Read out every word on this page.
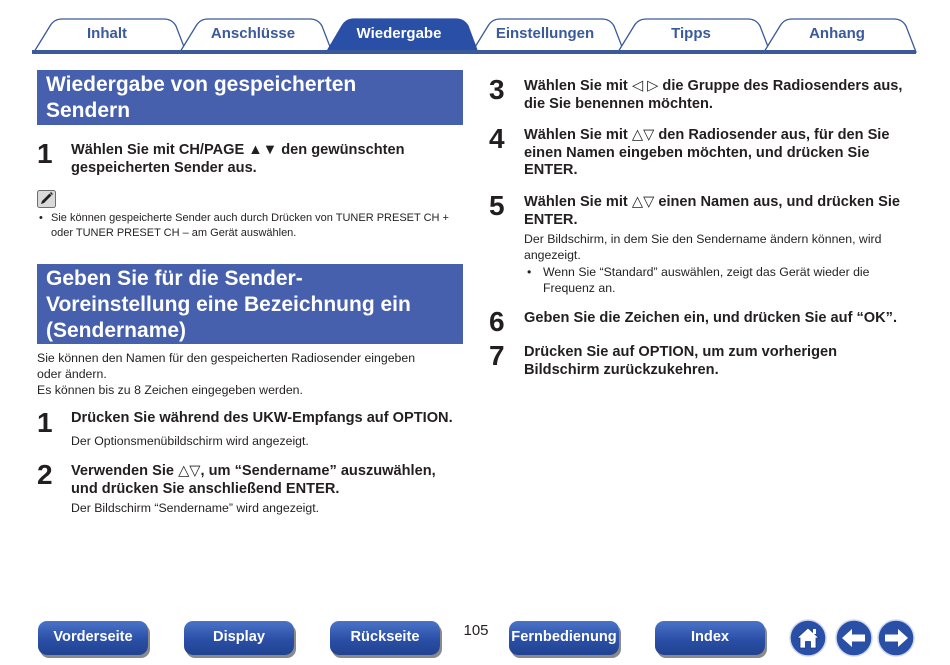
Inhalt	Anschlüsse	Wiedergabe	Einstellungen	Tipps	Anhang
Wiedergabe von gespeicherten
Sendern
1 Wählen Sie mit CH/PAGE ▲▼ den gewünschten
gespeicherten Sender aus.
• Sie können gespeicherte Sender auch durch Drücken von TUNER PRESET CH +
oder TUNER PRESET CH – am Gerät auswählen.
Geben Sie für die Sender-
Voreinstellung eine Bezeichnung ein
(Sendername)
Sie können den Namen für den gespeicherten Radiosender eingeben
oder ändern.
Es können bis zu 8 Zeichen eingegeben werden.
1 Drücken Sie während des UKW-Empfangs auf OPTION.
Der Optionsmenübildschirm wird angezeigt.
2 Verwenden Sie △▽, um “Sendername” auszuwählen,
und drücken Sie anschließend ENTER.
Der Bildschirm “Sendername” wird angezeigt.
3 Wählen Sie mit ◁ ▷ die Gruppe des Radiosenders aus,
die Sie benennen möchten.
4 Wählen Sie mit △▽ den Radiosender aus, für den Sie
einen Namen eingeben möchten, und drücken Sie
ENTER.
5 Wählen Sie mit △▽ einen Namen aus, und drücken Sie
ENTER.
Der Bildschirm, in dem Sie den Sendername ändern können, wird
angezeigt.
• Wenn Sie “Standard” auswählen, zeigt das Gerät wieder die
Frequenz an.
6 Geben Sie die Zeichen ein, und drücken Sie auf “OK”.
7 Drücken Sie auf OPTION, um zum vorherigen
Bildschirm zurückzukehren.
Vorderseite	Display	Rückseite	105	Fernbedienung	Index
